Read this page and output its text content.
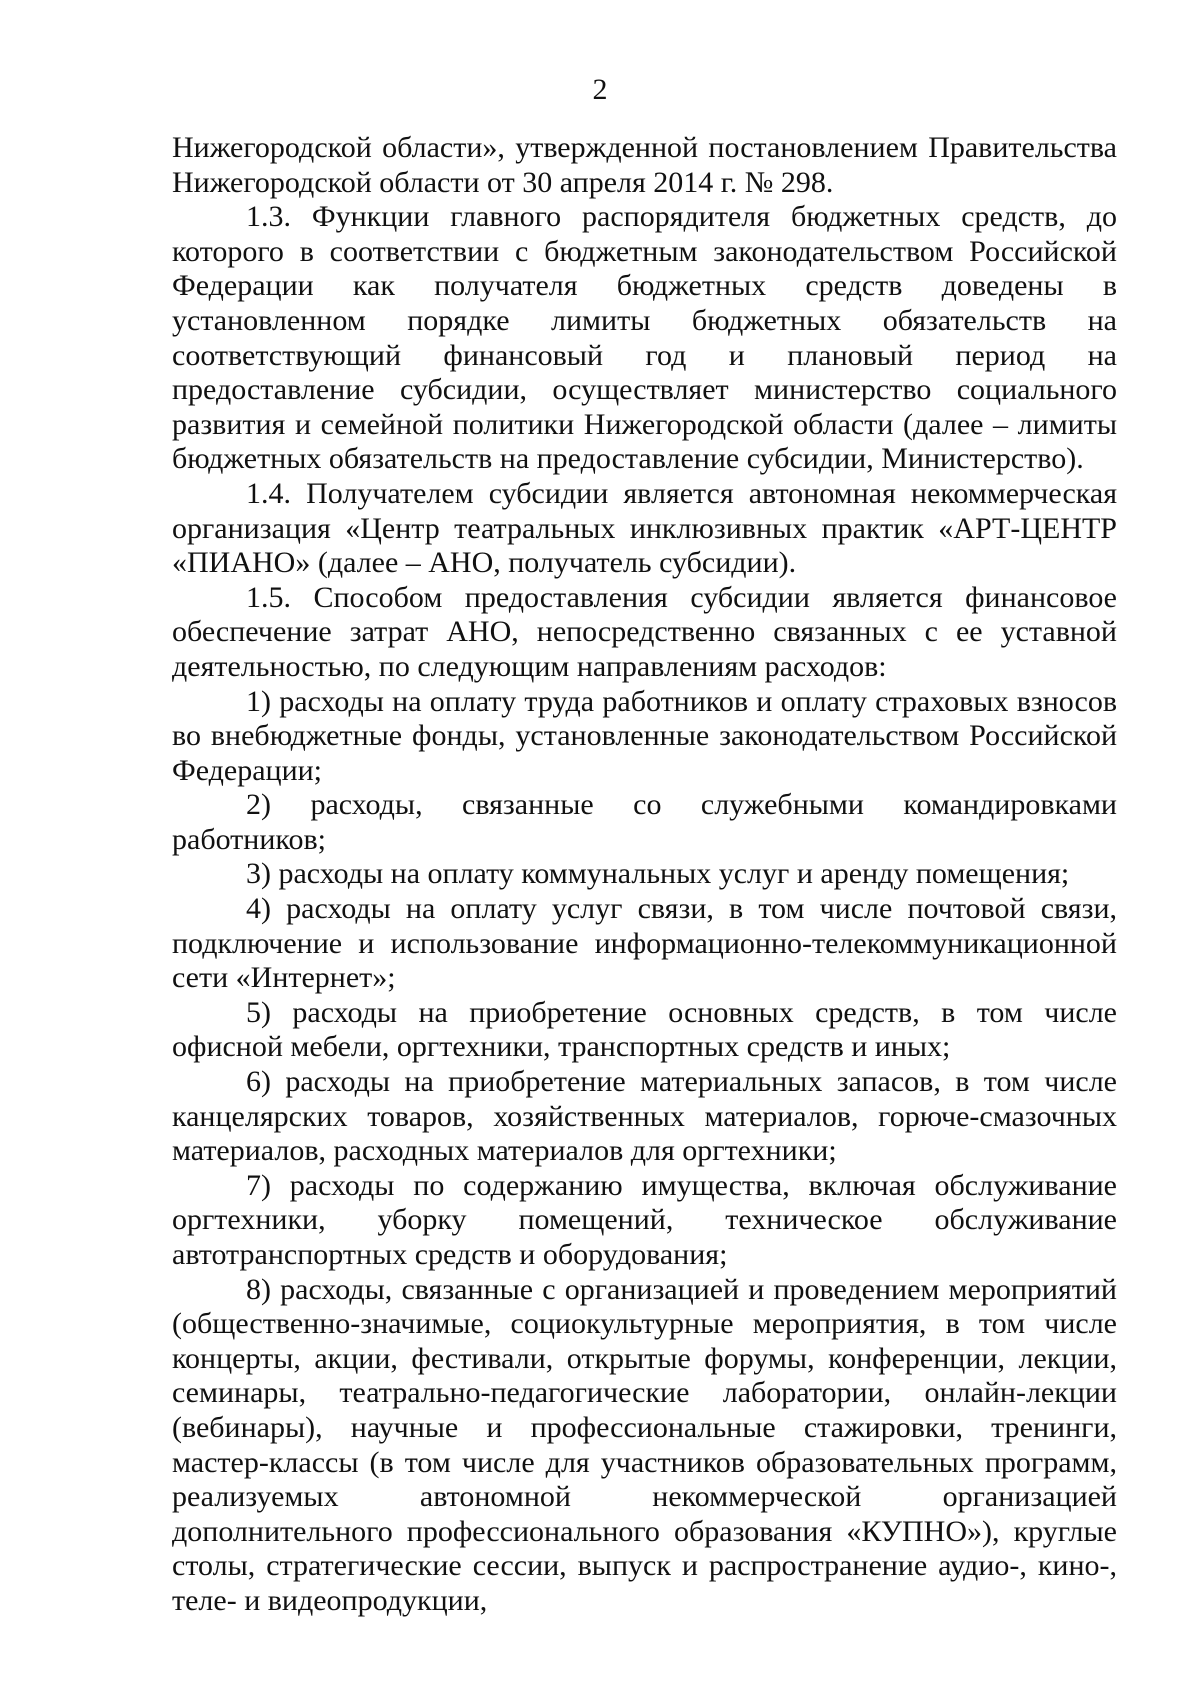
2

Нижегородской области», утвержденной постановлением Правительства Нижегородской области от 30 апреля 2014 г. № 298.

1.3. Функции главного распорядителя бюджетных средств, до которого в соответствии с бюджетным законодательством Российской Федерации как получателя бюджетных средств доведены в установленном порядке лимиты бюджетных обязательств на соответствующий финансовый год и плановый период на предоставление субсидии, осуществляет министерство социального развития и семейной политики Нижегородской области (далее – лимиты бюджетных обязательств на предоставление субсидии, Министерство).

1.4. Получателем субсидии является автономная некоммерческая организация «Центр театральных инклюзивных практик «АРТ-ЦЕНТР «ПИАНО» (далее – АНО, получатель субсидии).

1.5. Способом предоставления субсидии является финансовое обеспечение затрат АНО, непосредственно связанных с ее уставной деятельностью, по следующим направлениям расходов:

1) расходы на оплату труда работников и оплату страховых взносов во внебюджетные фонды, установленные законодательством Российской Федерации;

2) расходы, связанные со служебными командировками работников;

3) расходы на оплату коммунальных услуг и аренду помещения;

4) расходы на оплату услуг связи, в том числе почтовой связи, подключение и использование информационно-телекоммуникационной сети «Интернет»;

5) расходы на приобретение основных средств, в том числе офисной мебели, оргтехники, транспортных средств и иных;

6) расходы на приобретение материальных запасов, в том числе канцелярских товаров, хозяйственных материалов, горюче-смазочных материалов, расходных материалов для оргтехники;

7) расходы по содержанию имущества, включая обслуживание оргтехники, уборку помещений, техническое обслуживание автотранспортных средств и оборудования;

8) расходы, связанные с организацией и проведением мероприятий (общественно-значимые, социокультурные мероприятия, в том числе концерты, акции, фестивали, открытые форумы, конференции, лекции, семинары, театрально-педагогические лаборатории, онлайн-лекции (вебинары), научные и профессиональные стажировки, тренинги, мастер-классы (в том числе для участников образовательных программ, реализуемых автономной некоммерческой организацией дополнительного профессионального образования «КУПНО»), круглые столы, стратегические сессии, выпуск и распространение аудио-, кино-, теле- и видеопродукции,
